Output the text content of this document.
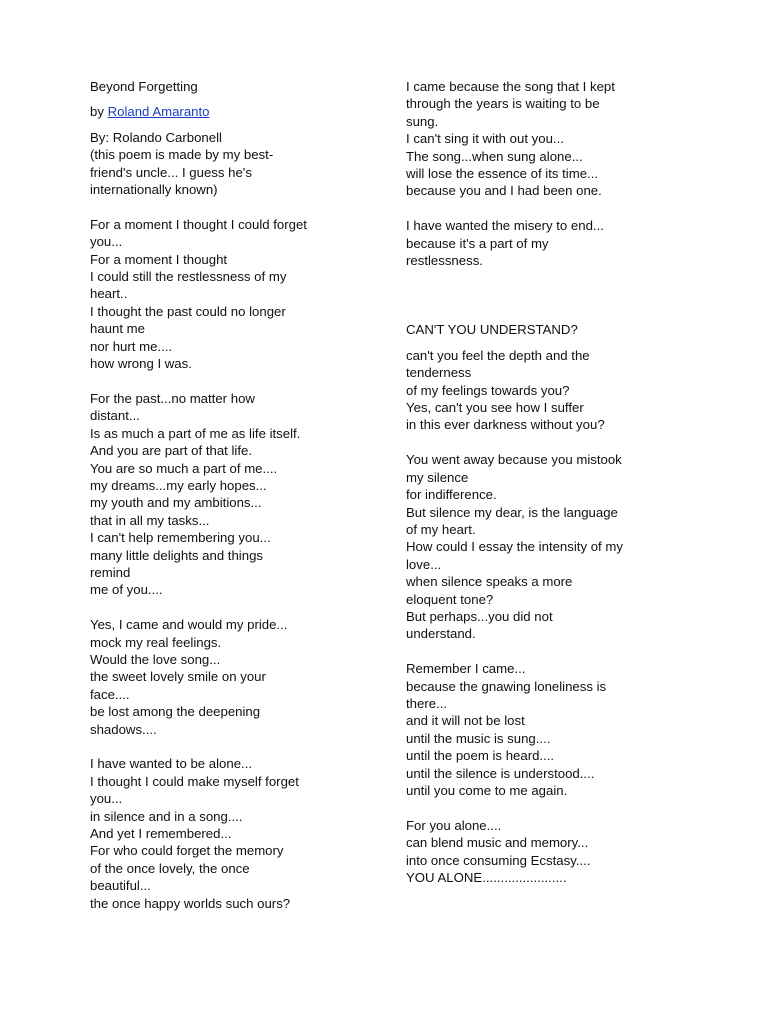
Beyond Forgetting

by Roland Amaranto

By: Rolando Carbonell

(this poem is made by my best-

friend's uncle... I guess he's

internationally known)

For a moment I thought I could forget

you...

For a moment I thought

I could still the restlessness of my

heart..

I thought the past could no longer

haunt me

nor hurt me....

how wrong I was.

For the past...no matter how

distant...

Is as much a part of me as life itself.

And you are part of that life.

You are so much a part of me....

my dreams...my early hopes...

my youth and my ambitions...

that in all my tasks...

I can't help remembering you...

many little delights and things

remind

me of you....

Yes, I came and would my pride...

mock my real feelings.

Would the love song...

the sweet lovely smile on your

face....

be lost among the deepening

shadows....

I have wanted to be alone...

I thought I could make myself forget

you...

in silence and in a song....

And yet I remembered...

For who could forget the memory

of the once lovely, the once

beautiful...

the once happy worlds such ours?

I came because the song that I kept

through the years is waiting to be

sung.

I can't sing it with out you...

The song...when sung alone...

will lose the essence of its time...

because you and I had been one.

I have wanted the misery to end...

because it's a part of my

restlessness.

CAN'T YOU UNDERSTAND?

can't you feel the depth and the

tenderness

of my feelings towards you?

Yes, can't you see how I suffer

in this ever darkness without you?

You went away because you mistook

my silence

for indifference.

But silence my dear, is the language

of my heart.

How could I essay the intensity of my

love...

when silence speaks a more

eloquent tone?

But perhaps...you did not

understand.

Remember I came...

because the gnawing loneliness is

there...

and it will not be lost

until the music is sung....

until the poem is heard....

until the silence is understood....

until you come to me again.

For you alone....

can blend music and memory...

into once consuming Ecstasy....

YOU ALONE.......................
